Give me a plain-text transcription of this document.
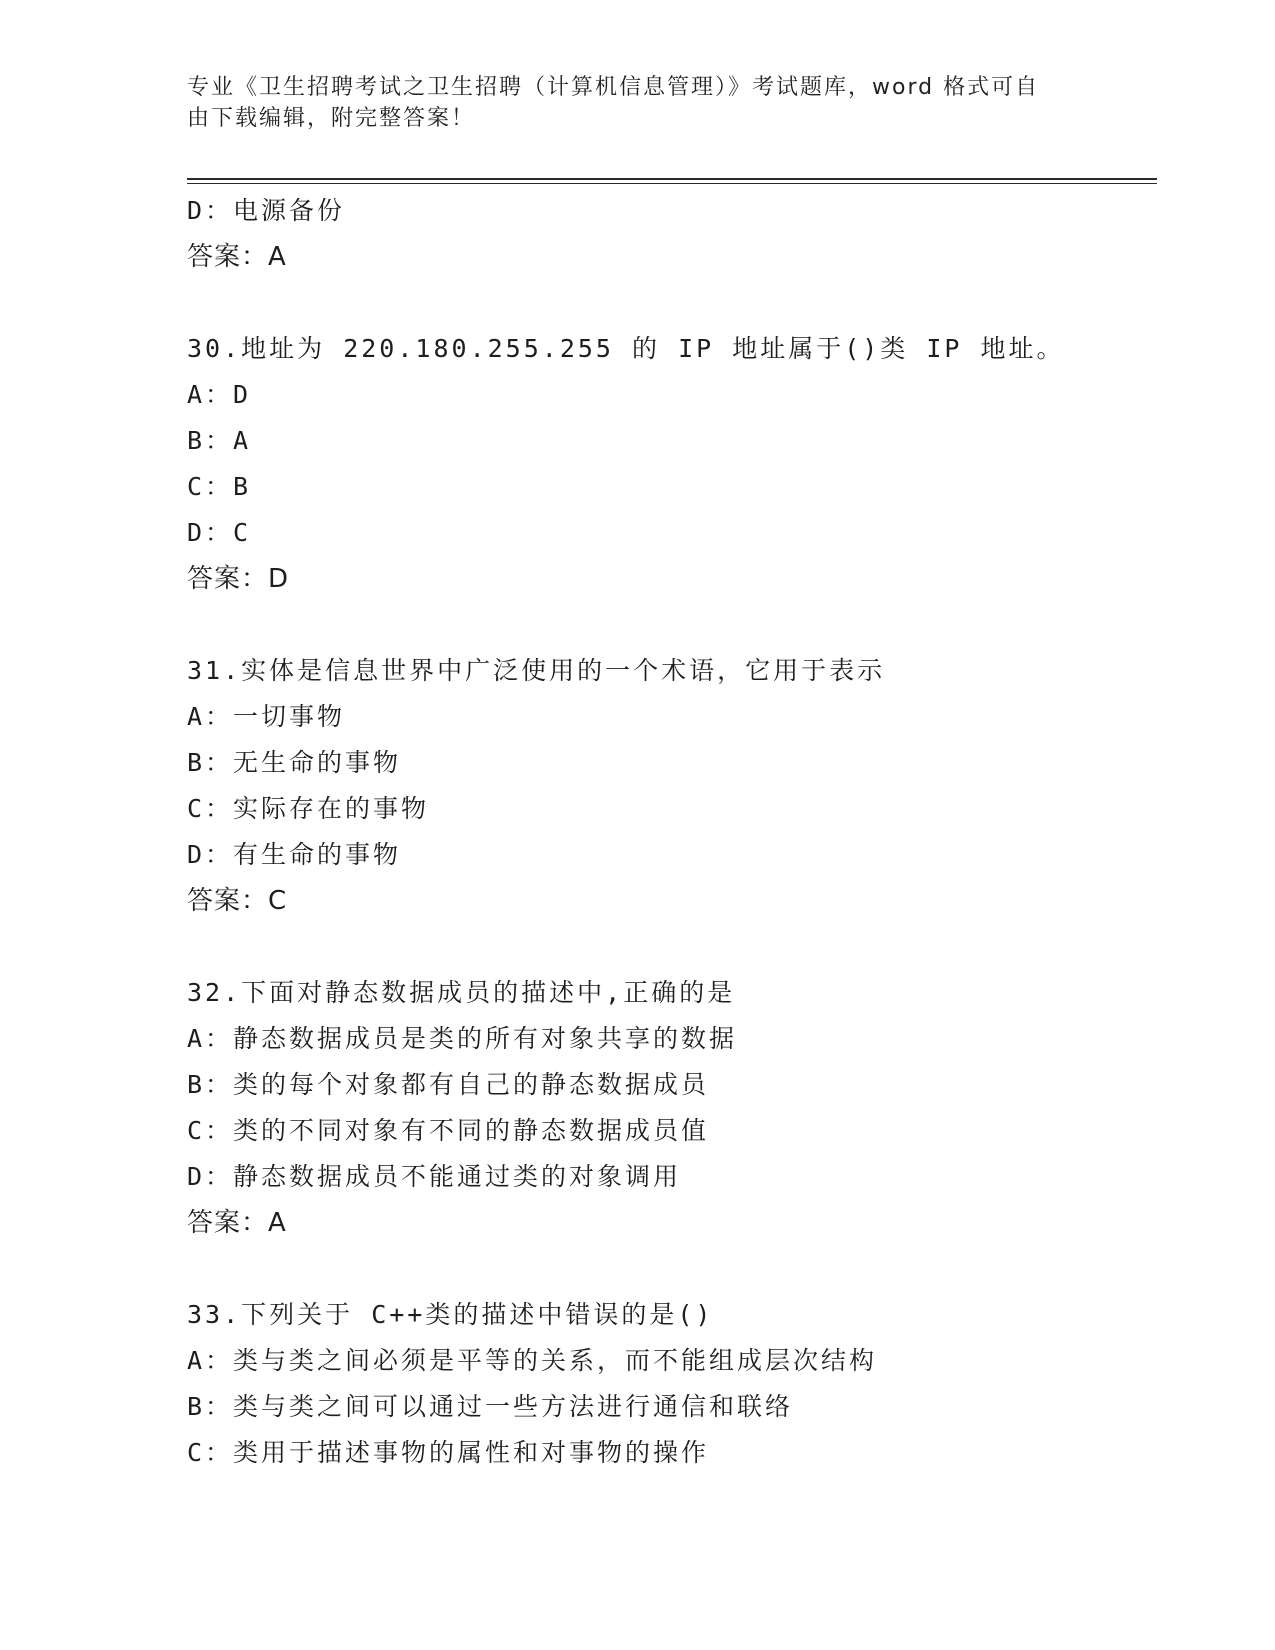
专业《卫生招聘考试之卫生招聘（计算机信息管理）》考试题库，word 格式可自
由下载编辑，附完整答案！
D：电源备份
答案：A
30.地址为 220.180.255.255 的 IP 地址属于()类 IP 地址。
A：D
B：A
C：B
D：C
答案：D
31.实体是信息世界中广泛使用的一个术语，它用于表示
A：一切事物
B：无生命的事物
C：实际存在的事物
D：有生命的事物
答案：C
32.下面对静态数据成员的描述中,正确的是
A：静态数据成员是类的所有对象共享的数据
B：类的每个对象都有自己的静态数据成员
C：类的不同对象有不同的静态数据成员值
D：静态数据成员不能通过类的对象调用
答案：A
33.下列关于 C++类的描述中错误的是()
A：类与类之间必须是平等的关系，而不能组成层次结构
B：类与类之间可以通过一些方法进行通信和联络
C：类用于描述事物的属性和对事物的操作
